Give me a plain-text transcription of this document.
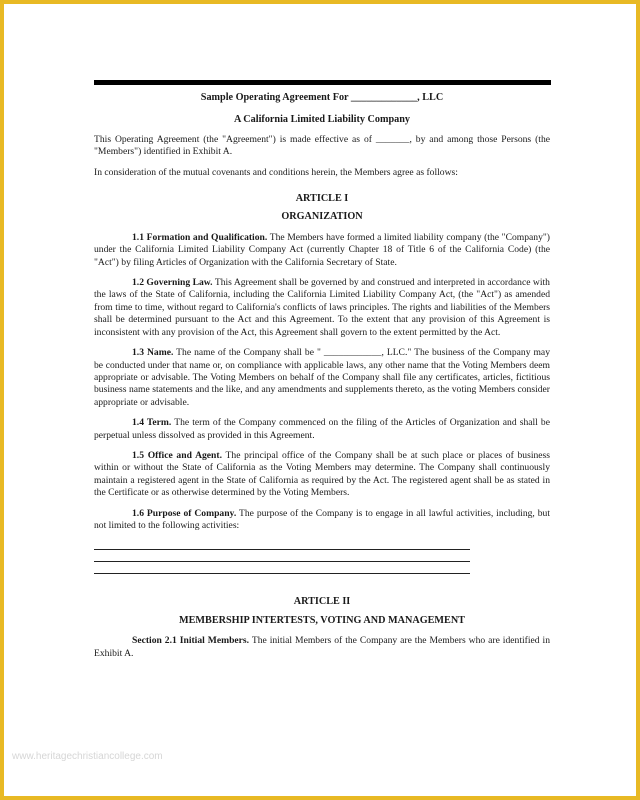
Sample Operating Agreement For _____________, LLC
A California Limited Liability Company

This Operating Agreement (the "Agreement") is made effective as of _______, by and among those Persons (the "Members") identified in Exhibit A.

In consideration of the mutual covenants and conditions herein, the Members agree as follows:

ARTICLE I
ORGANIZATION

1.1 Formation and Qualification. The Members have formed a limited liability company (the "Company") under the California Limited Liability Company Act (currently Chapter 18 of Title 6 of the California Code) (the "Act") by filing Articles of Organization with the California Secretary of State.

1.2 Governing Law. This Agreement shall be governed by and construed and interpreted in accordance with the laws of the State of California, including the California Limited Liability Company Act, (the "Act") as amended from time to time, without regard to California's conflicts of laws principles. The rights and liabilities of the Members shall be determined pursuant to the Act and this Agreement. To the extent that any provision of this Agreement is inconsistent with any provision of the Act, this Agreement shall govern to the extent permitted by the Act.

1.3 Name. The name of the Company shall be " ____________, LLC." The business of the Company may be conducted under that name or, on compliance with applicable laws, any other name that the Voting Members deem appropriate or advisable. The Voting Members on behalf of the Company shall file any certificates, articles, fictitious business name statements and the like, and any amendments and supplements thereto, as the voting Members consider appropriate or advisable.

1.4 Term. The term of the Company commenced on the filing of the Articles of Organization and shall be perpetual unless dissolved as provided in this Agreement.

1.5 Office and Agent. The principal office of the Company shall be at such place or places of business within or without the State of California as the Voting Members may determine. The Company shall continuously maintain a registered agent in the State of California as required by the Act. The registered agent shall be as stated in the Certificate or as otherwise determined by the Voting Members.

1.6 Purpose of Company. The purpose of the Company is to engage in all lawful activities, including, but not limited to the following activities:

ARTICLE II
MEMBERSHIP INTERTESTS, VOTING AND MANAGEMENT

Section 2.1 Initial Members. The initial Members of the Company are the Members who are identified in Exhibit A.

www.heritagechristiancollege.com
